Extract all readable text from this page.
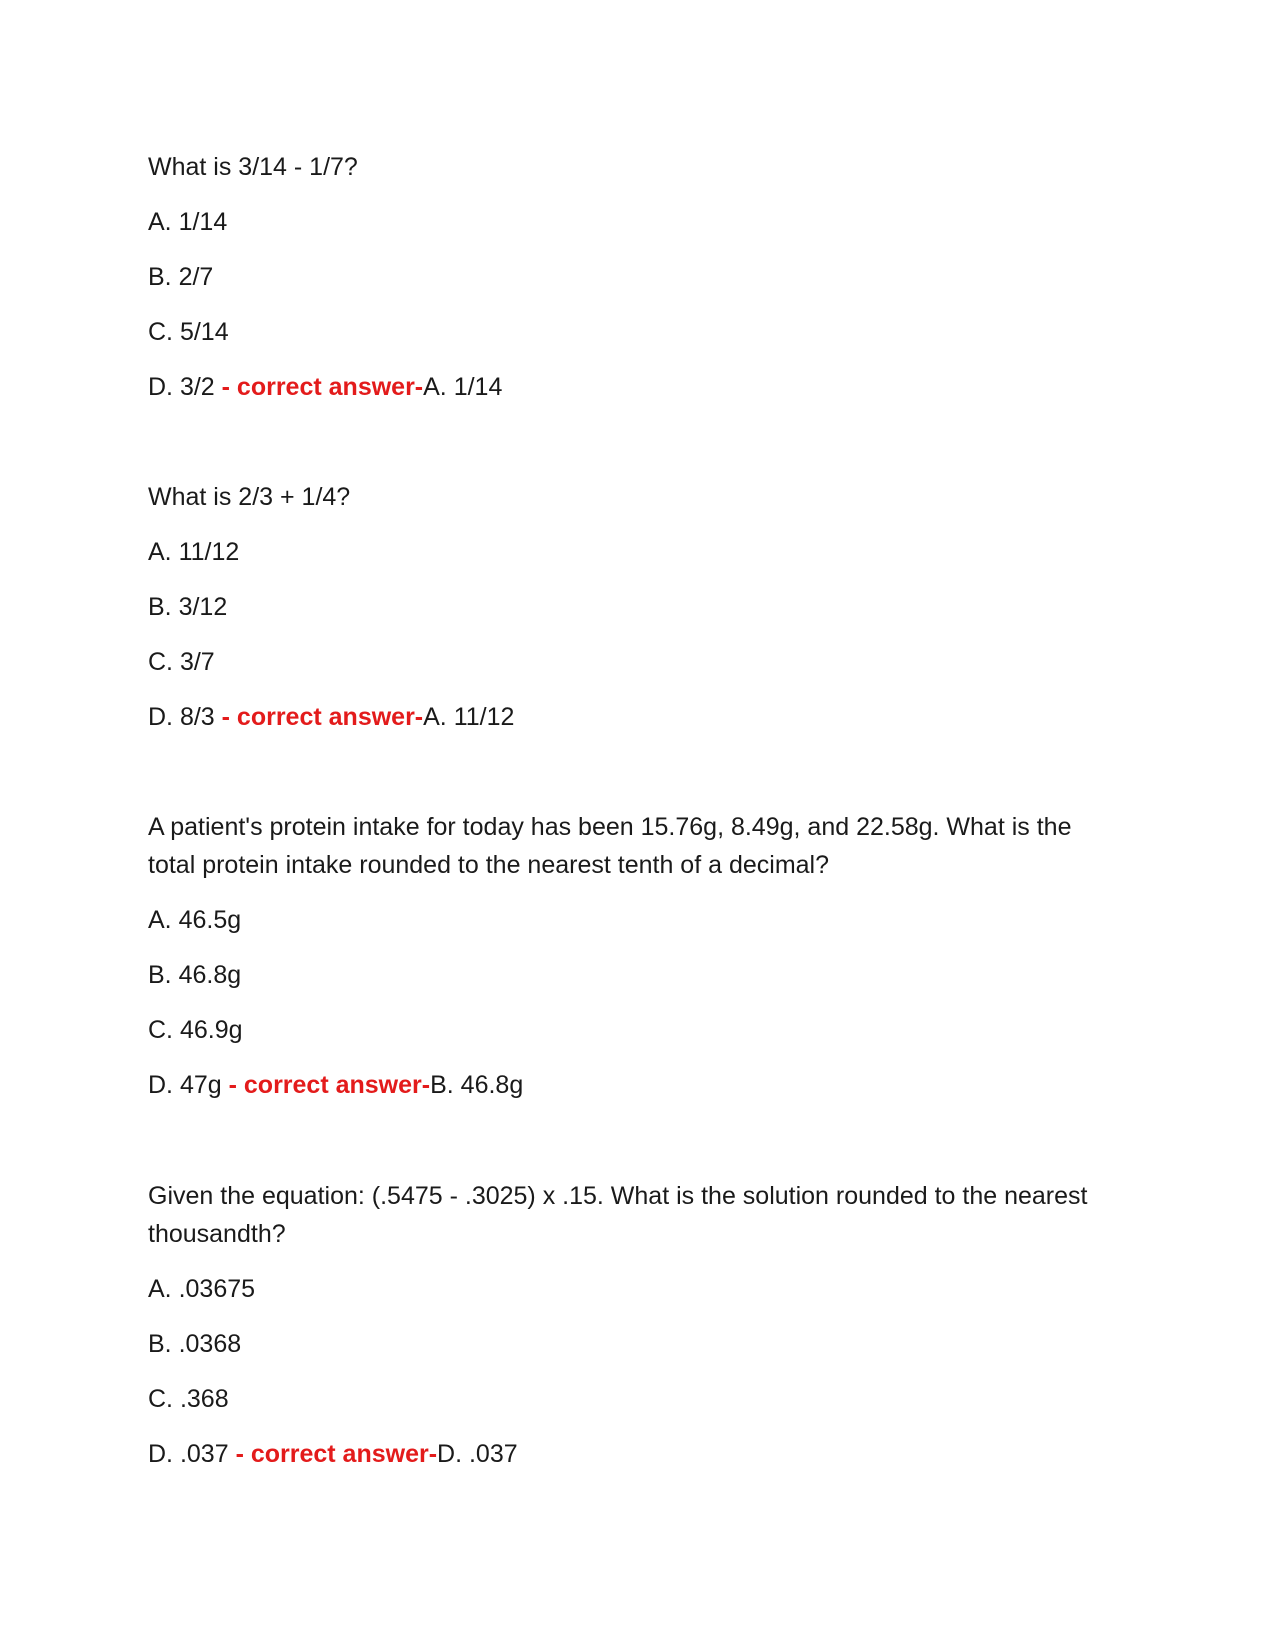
What is 3/14 - 1/7?
A. 1/14
B. 2/7
C. 5/14
D. 3/2 - correct answer-A. 1/14
What is 2/3 + 1/4?
A. 11/12
B. 3/12
C. 3/7
D. 8/3 - correct answer-A. 11/12
A patient's protein intake for today has been 15.76g, 8.49g, and 22.58g. What is the total protein intake rounded to the nearest tenth of a decimal?
A. 46.5g
B. 46.8g
C. 46.9g
D. 47g - correct answer-B. 46.8g
Given the equation: (.5475 - .3025) x .15. What is the solution rounded to the nearest thousandth?
A. .03675
B. .0368
C. .368
D. .037 - correct answer-D. .037
